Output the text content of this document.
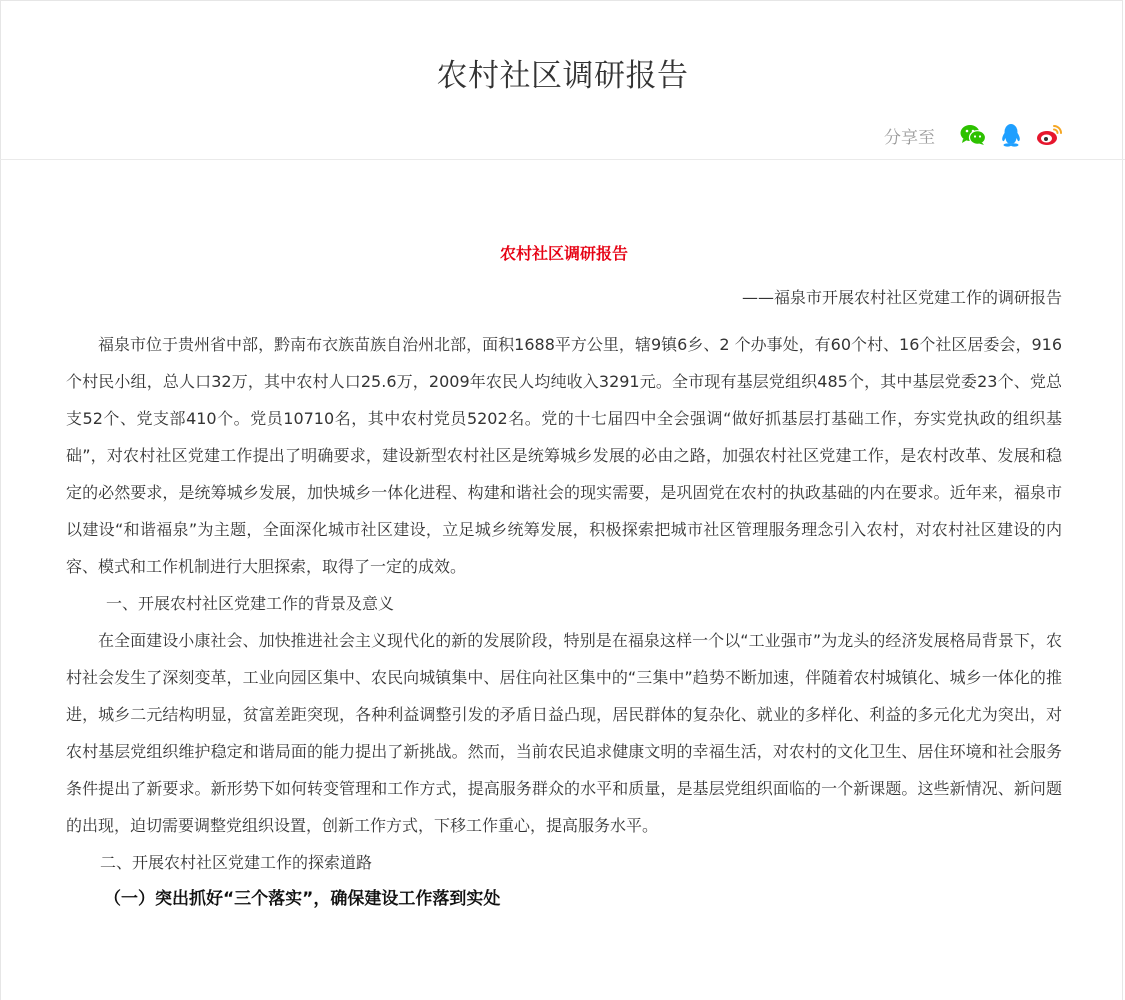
农村社区调研报告
分享至
农村社区调研报告
——福泉市开展农村社区党建工作的调研报告

福泉市位于贵州省中部，黔南布衣族苗族自治州北部，面积1688平方公里，辖9镇6乡、2 个办事处，有60个村、16个社区居委会，916个村民小组，总人口32万，其中农村人口25.6万，2009年农民人均纯收入3291元。全市现有基层党组织485个，其中基层党委23个、党总支52个、党支部410个。党员10710名，其中农村党员5202名。党的十七届四中全会强调“做好抓基层打基础工作，夯实党执政的组织基础”，对农村社区党建工作提出了明确要求，建设新型农村社区是统筹城乡发展的必由之路，加强农村社区党建工作，是农村改革、发展和稳定的必然要求，是统筹城乡发展，加快城乡一体化进程、构建和谐社会的现实需要，是巩固党在农村的执政基础的内在要求。近年来，福泉市以建设“和谐福泉”为主题，全面深化城市社区建设，立足城乡统筹发展，积极探索把城市社区管理服务理念引入农村，对农村社区建设的内容、模式和工作机制进行大胆探索，取得了一定的成效。

一、开展农村社区党建工作的背景及意义

在全面建设小康社会、加快推进社会主义现代化的新的发展阶段，特别是在福泉这样一个以“工业强市”为龙头的经济发展格局背景下，农村社会发生了深刻变革，工业向园区集中、农民向城镇集中、居住向社区集中的“三集中”趋势不断加速，伴随着农村城镇化、城乡一体化的推进，城乡二元结构明显，贫富差距突现，各种利益调整引发的矛盾日益凸现，居民群体的复杂化、就业的多样化、利益的多元化尤为突出，对农村基层党组织维护稳定和谐局面的能力提出了新挑战。然而，当前农民追求健康文明的幸福生活，对农村的文化卫生、居住环境和社会服务条件提出了新要求。新形势下如何转变管理和工作方式，提高服务群众的水平和质量，是基层党组织面临的一个新课题。这些新情况、新问题的出现，迫切需要调整党组织设置，创新工作方式，下移工作重心，提高服务水平。

二、开展农村社区党建工作的探索道路

（一）突出抓好“三个落实”，确保建设工作落到实处
